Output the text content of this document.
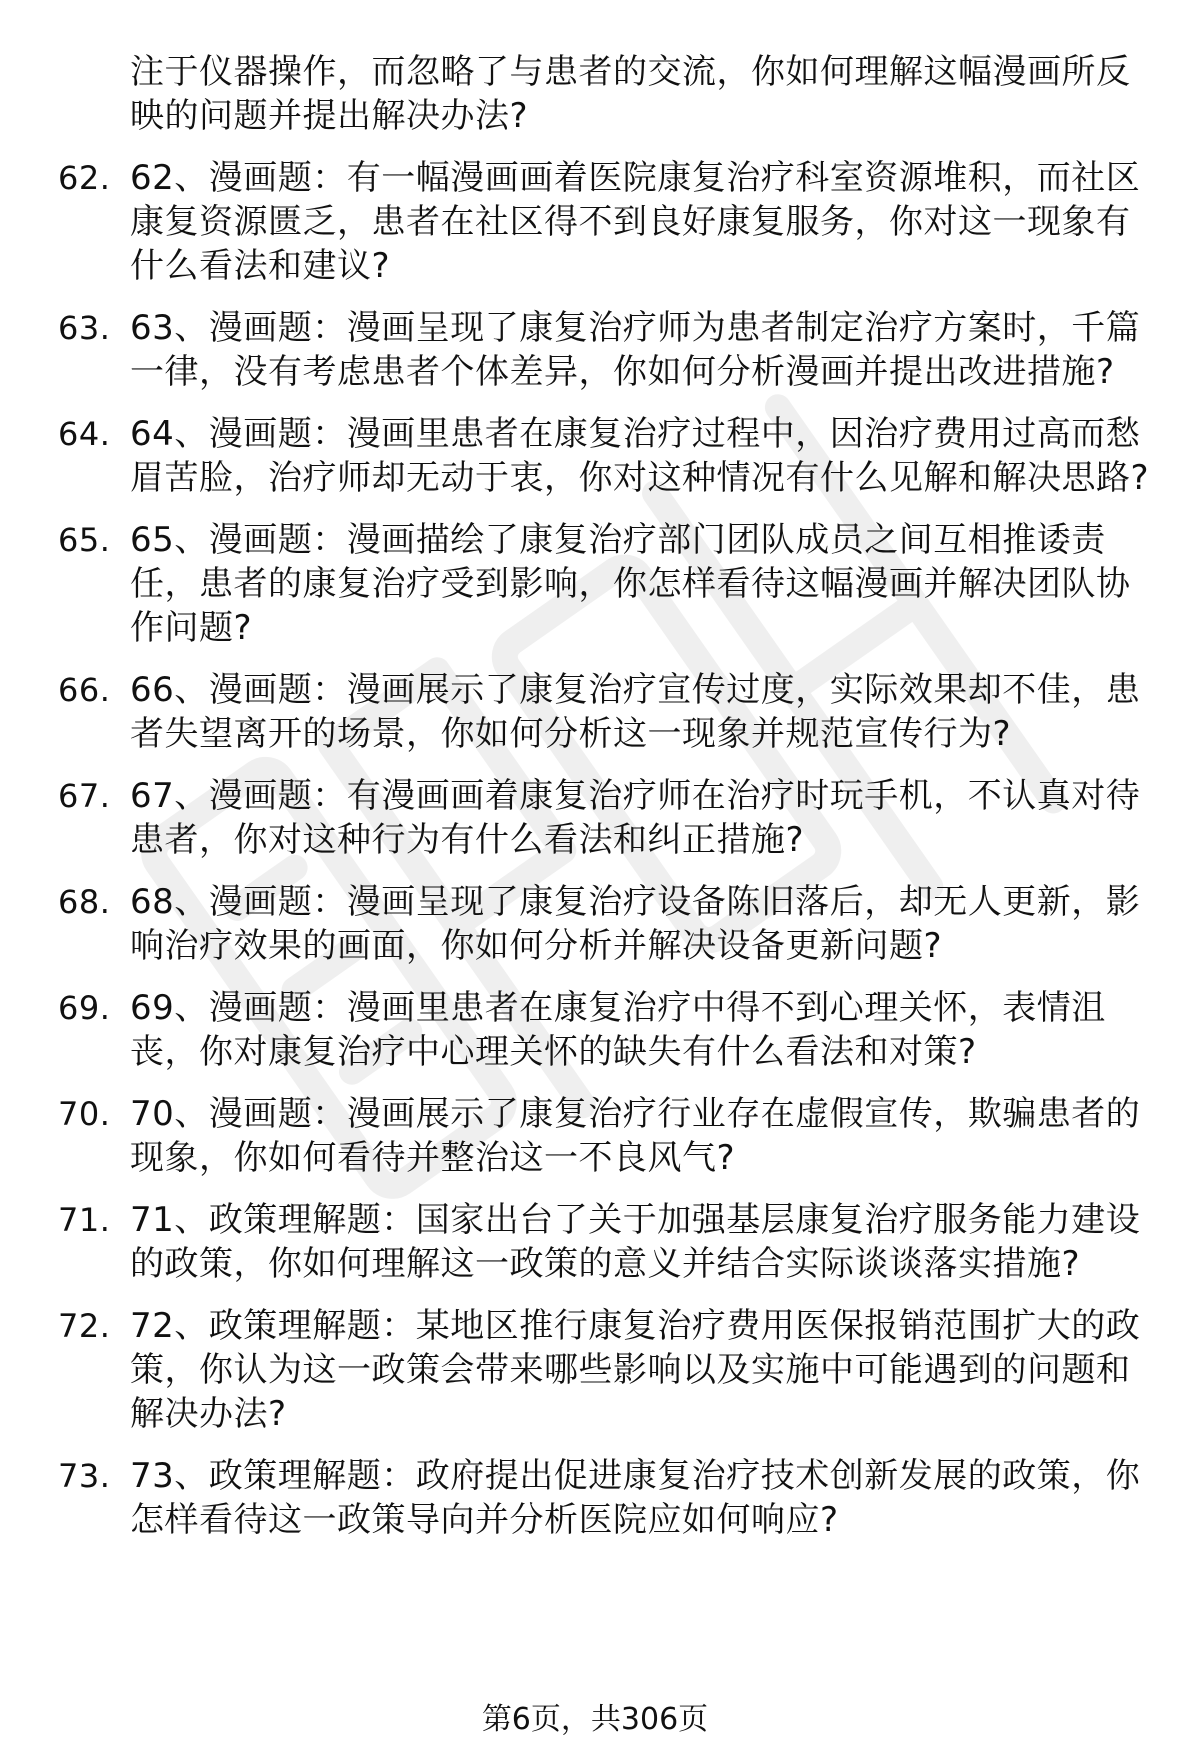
注于仪器操作，而忽略了与患者的交流，你如何理解这幅漫画所反映的问题并提出解决办法?

62. 62、漫画题：有一幅漫画画着医院康复治疗科室资源堆积，而社区康复资源匮乏，患者在社区得不到良好康复服务，你对这一现象有什么看法和建议?
63. 63、漫画题：漫画呈现了康复治疗师为患者制定治疗方案时，千篇一律，没有考虑患者个体差异，你如何分析漫画并提出改进措施?
64. 64、漫画题：漫画里患者在康复治疗过程中，因治疗费用过高而愁眉苦脸，治疗师却无动于衷，你对这种情况有什么见解和解决思路?
65. 65、漫画题：漫画描绘了康复治疗部门团队成员之间互相推诿责任，患者的康复治疗受到影响，你怎样看待这幅漫画并解决团队协作问题?
66. 66、漫画题：漫画展示了康复治疗宣传过度，实际效果却不佳，患者失望离开的场景，你如何分析这一现象并规范宣传行为?
67. 67、漫画题：有漫画画着康复治疗师在治疗时玩手机，不认真对待患者，你对这种行为有什么看法和纠正措施?
68. 68、漫画题：漫画呈现了康复治疗设备陈旧落后，却无人更新，影响治疗效果的画面，你如何分析并解决设备更新问题?
69. 69、漫画题：漫画里患者在康复治疗中得不到心理关怀，表情沮丧，你对康复治疗中心理关怀的缺失有什么看法和对策?
70. 70、漫画题：漫画展示了康复治疗行业存在虚假宣传，欺骗患者的现象，你如何看待并整治这一不良风气?
71. 71、政策理解题：国家出台了关于加强基层康复治疗服务能力建设的政策，你如何理解这一政策的意义并结合实际谈谈落实措施?
72. 72、政策理解题：某地区推行康复治疗费用医保报销范围扩大的政策，你认为这一政策会带来哪些影响以及实施中可能遇到的问题和解决办法?
73. 73、政策理解题：政府提出促进康复治疗技术创新发展的政策，你怎样看待这一政策导向并分析医院应如何响应?
第6页，共306页
